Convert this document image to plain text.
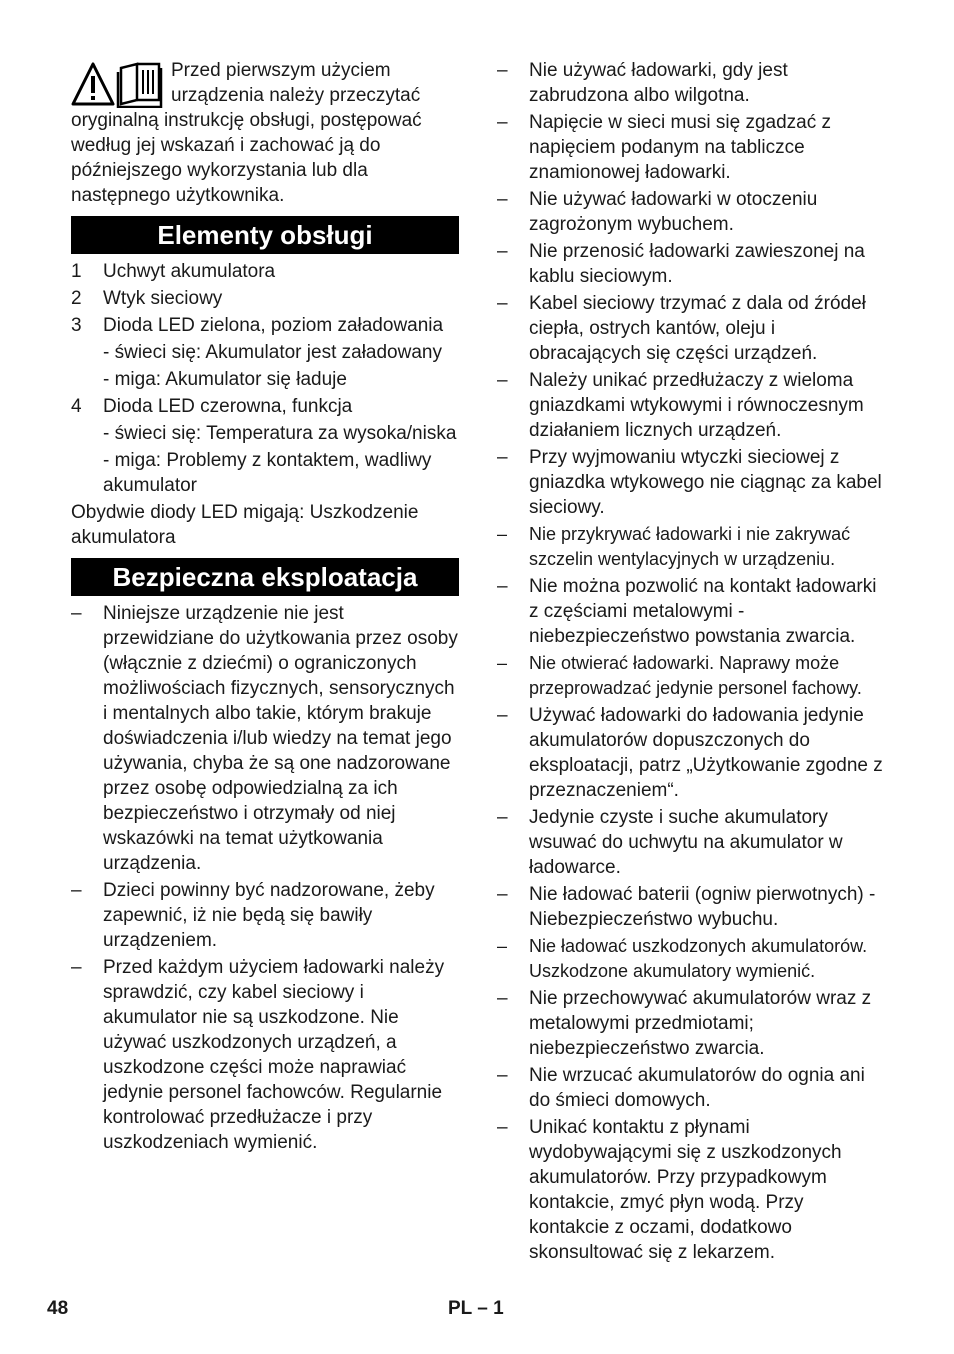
Przed pierwszym użyciem urządzenia należy przeczytać oryginalną instrukcję obsługi, postępować według jej wskazań i zachować ją do późniejszego wykorzystania lub dla następnego użytkownika.

Elementy obsługi
1	Uchwyt akumulatora
2	Wtyk sieciowy
3	Dioda LED zielona, poziom załadowania
- świeci się: Akumulator jest załadowany
- miga: Akumulator się ładuje
4	Dioda LED czerowna, funkcja
- świeci się: Temperatura za wysoka/niska
- miga: Problemy z kontaktem, wadliwy akumulator

Obydwie diody LED migają: Uszkodzenie akumulatora

Bezpieczna eksploatacja
–	Niniejsze urządzenie nie jest przewidziane do użytkowania przez osoby (włącznie z dziećmi) o ograniczonych możliwościach fizycznych, sensorycznych i mentalnych albo takie, którym brakuje doświadczenia i/lub wiedzy na temat jego używania, chyba że są one nadzorowane przez osobę odpowiedzialną za ich bezpieczeństwo i otrzymały od niej wskazówki na temat użytkowania urządzenia.
–	Dzieci powinny być nadzorowane, żeby zapewnić, iż nie będą się bawiły urządzeniem.
–	Przed każdym użyciem ładowarki należy sprawdzić, czy kabel sieciowy i akumulator nie są uszkodzone. Nie używać uszkodzonych urządzeń, a uszkodzone części może naprawiać jedynie personel fachowców. Regularnie kontrolować przedłużacze i przy uszkodzeniach wymienić.
–	Nie używać ładowarki, gdy jest zabrudzona albo wilgotna.
–	Napięcie w sieci musi się zgadzać z napięciem podanym na tabliczce znamionowej ładowarki.
–	Nie używać ładowarki w otoczeniu zagrożonym wybuchem.
–	Nie przenosić ładowarki zawieszonej na kablu sieciowym.
–	Kabel sieciowy trzymać z dala od źródeł ciepła, ostrych kantów, oleju i obracających się części urządzeń.
–	Należy unikać przedłużaczy z wieloma gniazdkami wtykowymi i równoczesnym działaniem licznych urządzeń.
–	Przy wyjmowaniu wtyczki sieciowej z gniazdka wtykowego nie ciągnąc za kabel sieciowy.
–	Nie przykrywać ładowarki i nie zakrywać szczelin wentylacyjnych w urządzeniu.
–	Nie można pozwolić na kontakt ładowarki z częściami metalowymi - niebezpieczeństwo powstania zwarcia.
–	Nie otwierać ładowarki. Naprawy może przeprowadzać jedynie personel fachowy.
–	Używać ładowarki do ładowania jedynie akumulatorów dopuszczonych do eksploatacji, patrz „Użytkowanie zgodne z przeznaczeniem“.
–	Jedynie czyste i suche akumulatory wsuwać do uchwytu na akumulator w ładowarce.
–	Nie ładować baterii (ogniw pierwotnych) - Niebezpieczeństwo wybuchu.
–	Nie ładować uszkodzonych akumulatorów. Uszkodzone akumulatory wymienić.
–	Nie przechowywać akumulatorów wraz z metalowymi przedmiotami; niebezpieczeństwo zwarcia.
–	Nie wrzucać akumulatorów do ognia ani do śmieci domowych.
–	Unikać kontaktu z płynami wydobywającymi się z uszkodzonych akumulatorów. Przy przypadkowym kontakcie, zmyć płyn wodą. Przy kontakcie z oczami, dodatkowo skonsultować się z lekarzem.
48	PL – 1
